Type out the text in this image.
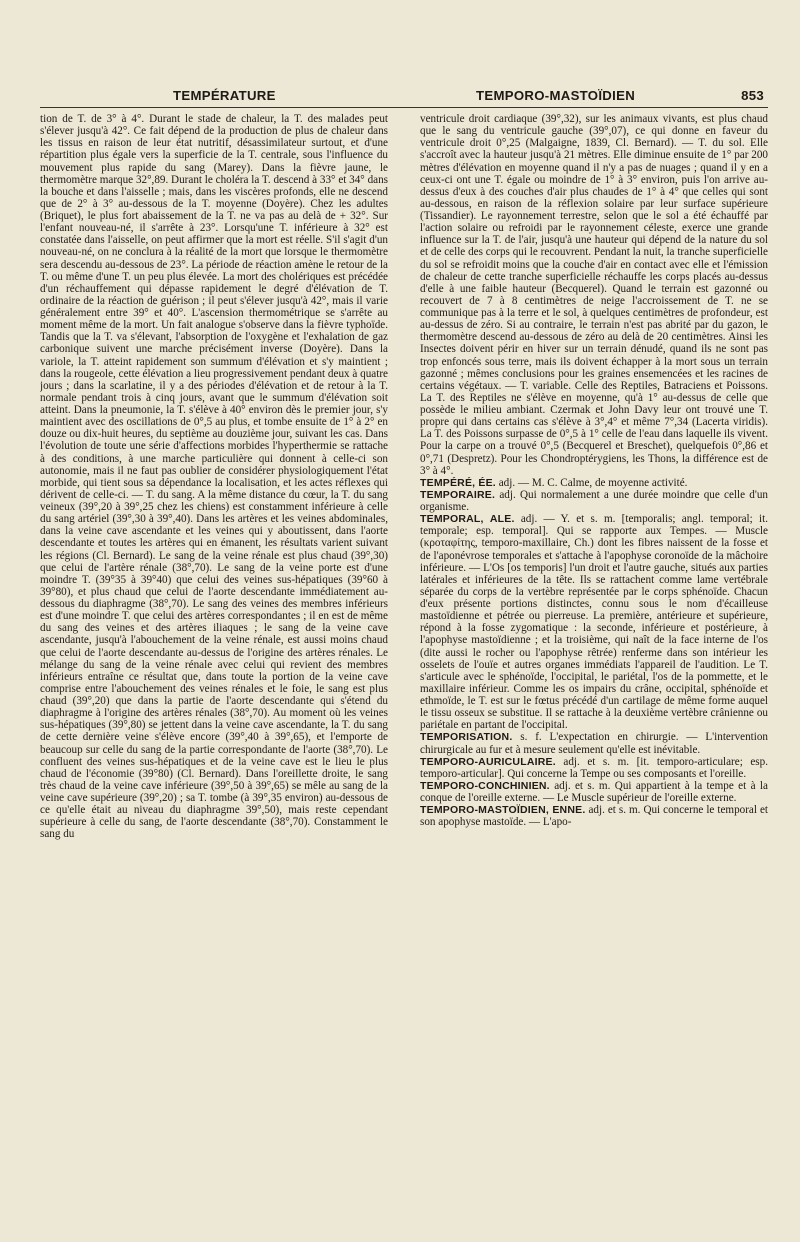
TEMPÉRATURE	TEMPORO-MASTOÏDIEN	853

tion de T. de 3° à 4°. Durant le stade de chaleur, la T. des malades peut s'élever jusqu'à 42°. Ce fait dépend de la production de plus de chaleur dans les tissus en raison de leur état nutritif, désassimilateur surtout, et d'une répartition plus égale vers la superficie de la T. centrale, sous l'influence du mouvement plus rapide du sang (Marey). Dans la fièvre jaune, le thermomètre marque 32°,89. Durant le choléra la T. descend à 33° et 34° dans la bouche et dans l'aisselle ; mais, dans les viscères profonds, elle ne descend que de 2° à 3° au-dessous de la T. moyenne (Doyère). Chez les adultes (Briquet), le plus fort abaissement de la T. ne va pas au delà de + 32°. Sur l'enfant nouveau-né, il s'arrête à 23°. Lorsqu'une T. inférieure à 32° est constatée dans l'aisselle, on peut affirmer que la mort est réelle. S'il s'agit d'un nouveau-né, on ne conclura à la réalité de la mort que lorsque le thermomètre sera descendu au-dessous de 23°. La période de réaction amène le retour de la T. ou même d'une T. un peu plus élevée. La mort des cholériques est précédée d'un réchauffement qui dépasse rapidement le degré d'élévation de T. ordinaire de la réaction de guérison ; il peut s'élever jusqu'à 42°, mais il varie généralement entre 39° et 40°. L'ascension thermométrique se s'arrête au moment même de la mort. Un fait analogue s'observe dans la fièvre typhoïde. Tandis que la T. va s'élevant, l'absorption de l'oxygène et l'exhalation de gaz carbonique suivent une marche précisément inverse (Doyère). Dans la variole, la T. atteint rapidement son summum d'élévation et s'y maintient ; dans la rougeole, cette élévation a lieu progressivement pendant deux à quatre jours ; dans la scarlatine, il y a des périodes d'élévation et de retour à la T. normale pendant trois à cinq jours, avant que le summum d'élévation soit atteint. Dans la pneumonie, la T. s'élève à 40° environ dès le premier jour, s'y maintient avec des oscillations de 0°,5 au plus, et tombe ensuite de 1° à 2° en douze ou dix-huit heures, du septième au douzième jour, suivant les cas. Dans l'évolution de toute une série d'affections morbides l'hyperthermie se rattache à des conditions, à une marche particulière qui donnent à celle-ci son autonomie, mais il ne faut pas oublier de considérer physiologiquement l'état morbide, qui tient sous sa dépendance la localisation, et les actes réflexes qui dérivent de celle-ci. — T. du sang. A la même distance du cœur, la T. du sang veineux (39°,20 à 39°,25 chez les chiens) est constamment inférieure à celle du sang artériel (39°,30 à 39°,40). Dans les artères et les veines abdominales, dans la veine cave ascendante et les veines qui y aboutissent, dans l'aorte descendante et toutes les artères qui en émanent, les résultats varient suivant les régions (Cl. Bernard). Le sang de la veine rénale est plus chaud (39°,30) que celui de l'artère rénale (38°,70). Le sang de la veine porte est d'une moindre T. (39°35 à 39°40) que celui des veines sus-hépatiques (39°60 à 39°80), et plus chaud que celui de l'aorte descendante immédiatement au-dessous du diaphragme (38°,70). Le sang des veines des membres inférieurs est d'une moindre T. que celui des artères correspondantes ; il en est de même du sang des veines et des artères iliaques ; le sang de la veine cave ascendante, jusqu'à l'abouchement de la veine rénale, est aussi moins chaud que celui de l'aorte descendante au-dessus de l'origine des artères rénales. Le mélange du sang de la veine rénale avec celui qui revient des membres inférieurs entraîne ce résultat que, dans toute la portion de la veine cave comprise entre l'abouchement des veines rénales et le foie, le sang est plus chaud (39°,20) que dans la partie de l'aorte descendante qui s'étend du diaphragme à l'origine des artères rénales (38°,70). Au moment où les veines sus-hépatiques (39°,80) se jettent dans la veine cave ascendante, la T. du sang de cette dernière veine s'élève encore (39°,40 à 39°,65), et l'emporte de beaucoup sur celle du sang de la partie correspondante de l'aorte (38°,70). Le confluent des veines sus-hépatiques et de la veine cave est le lieu le plus chaud de l'économie (39°80) (Cl. Bernard). Dans l'oreillette droite, le sang très chaud de la veine cave inférieure (39°,50 à 39°,65) se mêle au sang de la veine cave supérieure (39°,20) ; sa T. tombe (à 39°,35 environ) au-dessous de ce qu'elle était au niveau du diaphragme 39°,50), mais reste cependant supérieure à celle du sang, de l'aorte descendante (38°,70). Constamment le sang du

ventricule droit cardiaque (39°,32), sur les animaux vivants, est plus chaud que le sang du ventricule gauche (39°,07), ce qui donne en faveur du ventricule droit 0°,25 (Malgaigne, 1839, Cl. Bernard). — T. du sol. Elle s'accroît avec la hauteur jusqu'à 21 mètres. Elle diminue ensuite de 1° par 200 mètres d'élévation en moyenne quand il n'y a pas de nuages ; quand il y en a ceux-ci ont une T. égale ou moindre de 1° à 3° environ, puis l'on arrive au-dessus d'eux à des couches d'air plus chaudes de 1° à 4° que celles qui sont au-dessous, en raison de la réflexion solaire par leur surface supérieure (Tissandier). Le rayonnement terrestre, selon que le sol a été échauffé par l'action solaire ou refroidi par le rayonnement céleste, exerce une grande influence sur la T. de l'air, jusqu'à une hauteur qui dépend de la nature du sol et de celle des corps qui le recouvrent. Pendant la nuit, la tranche superficielle du sol se refroidit moins que la couche d'air en contact avec elle et l'émission de chaleur de cette tranche superficielle réchauffe les corps placés au-dessus d'elle à une faible hauteur (Becquerel). Quand le terrain est gazonné ou recouvert de 7 à 8 centimètres de neige l'accroissement de T. ne se communique pas à la terre et le sol, à quelques centimètres de profondeur, est au-dessus de zéro. Si au contraire, le terrain n'est pas abrité par du gazon, le thermomètre descend au-dessous de zéro au delà de 20 centimètres. Ainsi les Insectes doivent périr en hiver sur un terrain dénudé, quand ils ne sont pas trop enfoncés sous terre, mais ils doivent échapper à la mort sous un terrain gazonné ; mêmes conclusions pour les graines ensemencées et les racines de certains végétaux. — T. variable. Celle des Reptiles, Batraciens et Poissons. La T. des Reptiles ne s'élève en moyenne, qu'à 1° au-dessus de celle que possède le milieu ambiant. Czermak et John Davy leur ont trouvé une T. propre qui dans certains cas s'élève à 3°,4° et même 7°,34 (Lacerta viridis). La T. des Poissons surpasse de 0°,5 à 1° celle de l'eau dans laquelle ils vivent. Pour la carpe on a trouvé 0°,5 (Becquerel et Breschet), quelquefois 0°,86 et 0°,71 (Despretz). Pour les Chondroptérygiens, les Thons, la différence est de 3° à 4°.

TEMPÉRÉ, ÉE. adj. — M. C. Calme, de moyenne activité.

TEMPORAIRE. adj. Qui normalement a une durée moindre que celle d'un organisme.

TEMPORAL, ALE. adj. — Y. et s. m. [temporalis; angl. temporal; it. temporale; esp. temporal]. Qui se rapporte aux Tempes. — Muscle (κροταφίτης, temporo-maxillaire, Ch.) dont les fibres naissent de la fosse et de l'aponévrose temporales et s'attache à l'apophyse coronoïde de la mâchoire inférieure. — L'Os [os temporis] l'un droit et l'autre gauche, situés aux parties latérales et inférieures de la tête. Ils se rattachent comme lame vertébrale séparée du corps de la vertèbre représentée par le corps sphénoïde. Chacun d'eux présente portions distinctes, connu sous le nom d'écailleuse mastoïdienne et pétrée ou pierreuse. La première, antérieure et supérieure, répond à la fosse zygomatique : la seconde, inférieure et postérieure, à l'apophyse mastoïdienne ; et la troisième, qui naît de la face interne de l'os (dite aussi le rocher ou l'apophyse rêtrée) renferme dans son intérieur les osselets de l'ouïe et autres organes immédiats l'appareil de l'audition. Le T. s'articule avec le sphénoïde, l'occipital, le pariétal, l'os de la pommette, et le maxillaire inférieur. Comme les os impairs du crâne, occipital, sphénoïde et ethmoïde, le T. est sur le fœtus précédé d'un cartilage de même forme auquel le tissu osseux se substitue. Il se rattache à la deuxième vertèbre crânienne ou pariétale en partant de l'occipital.

TEMPORISATION. s. f. L'expectation en chirurgie. — L'intervention chirurgicale au fur et à mesure seulement qu'elle est inévitable.

TEMPORO-AURICULAIRE. adj. et s. m. [it. temporo-articulare; esp. temporo-articular]. Qui concerne la Tempe ou ses composants et l'oreille.

TEMPORO-CONCHINIEN. adj. et s. m. Qui appartient à la tempe et à la conque de l'oreille externe. — Le Muscle supérieur de l'oreille externe.

TEMPORO-MASTOÏDIEN, ENNE. adj. et s. m. Qui concerne le temporal et son apophyse mastoïde. — L'apo-
